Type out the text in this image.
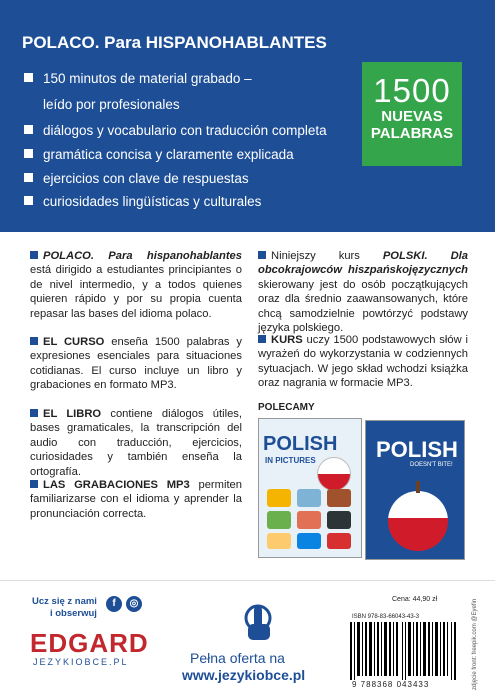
POLACO. Para HISPANOHABLANTES
150 minutos de material grabado –
leído por profesionales
diálogos y vocabulario con traducción completa
gramática concisa y claramente explicada
ejercicios con clave de respuestas
curiosidades lingüísticas y culturales
1500
NUEVAS
PALABRAS
POLACO. Para hispanohablantes está dirigido a estudiantes principiantes o de nivel intermedio, y a todos quienes quieren rápido y por su propia cuenta repasar las bases del idioma polaco.
EL CURSO enseña 1500 palabras y expresiones esenciales para situaciones cotidianas. El curso incluye un libro y grabaciones en formato MP3.
EL LIBRO contiene diálogos útiles, bases gramaticales, la transcripción del audio con traducción, ejercicios, curiosidades y también enseña la ortografía.
LAS GRABACIONES MP3 permiten familiarizarse con el idioma y aprender la pronunciación correcta.
Niniejszy kurs POLSKI. Dla obcokrajowców hiszpańskojęzycznych skierowany jest do osób początkujących oraz dla średnio zaawansowanych, które chcą samodzielnie powtórzyć podstawy języka polskiego.
KURS uczy 1500 podstawowych słów i wyrażeń do wykorzystania w codziennych sytuacjach. W jego skład wchodzi książka oraz nagrania w formacie MP3.
POLECAMY
POLISH
IN PICTURES	POLISH
DOESN'T BITE!
Ucz się z nami
i obserwuj
f	◎
EDGARD
JEZYKIOBCE.PL	Pełna oferta na
www.jezykiobce.pl
Cena: 44,90 zł
ISBN 978-83-66043-43-3
9 788368 043433	zdjęcie front: freepik.com @Eyefin
